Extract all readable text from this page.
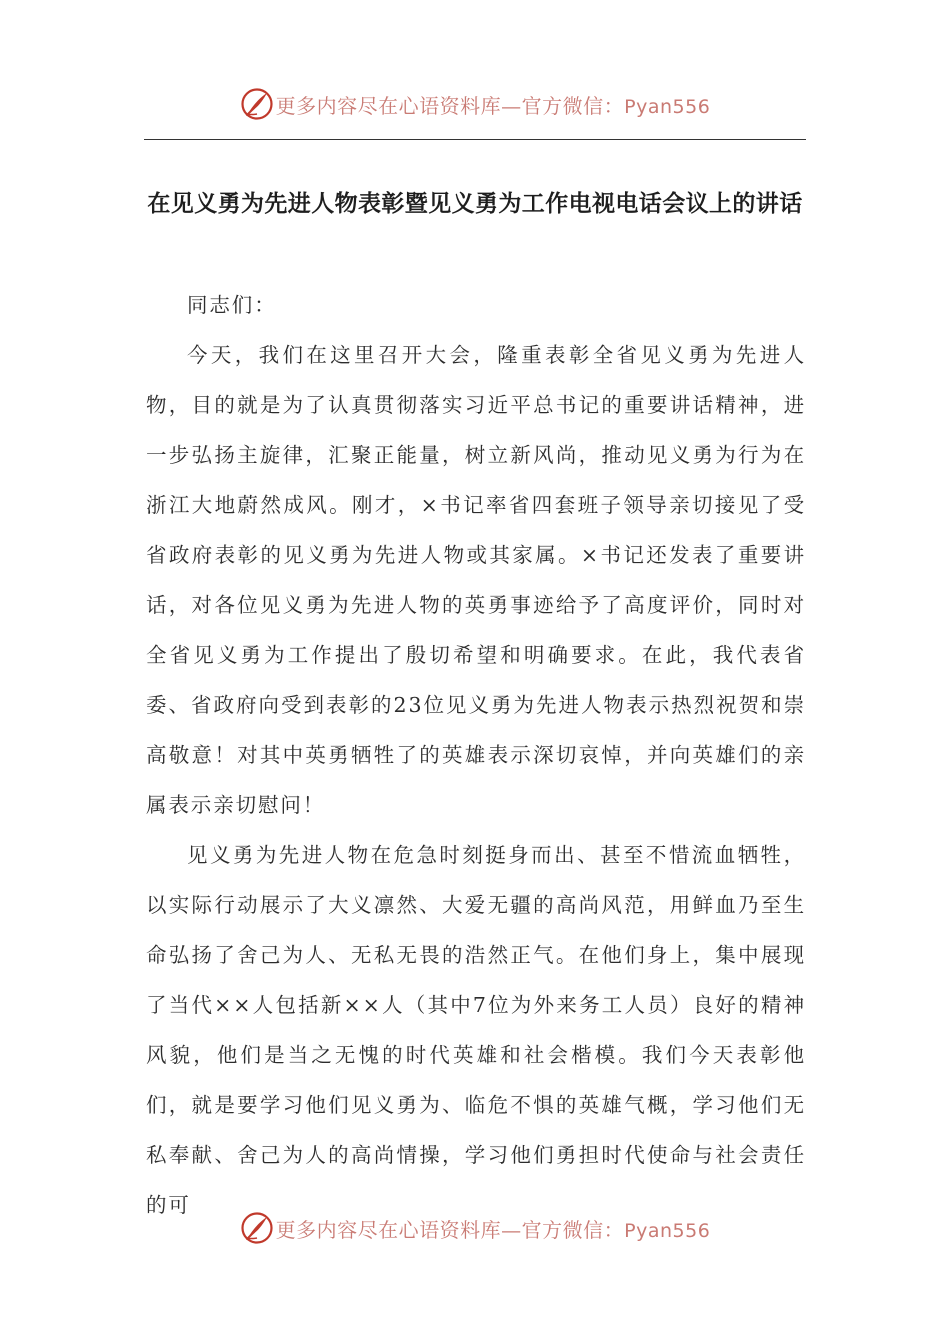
更多内容尽在心语资料库—官方微信：Pyan556
在见义勇为先进人物表彰暨见义勇为工作电视电话会议上的讲话

同志们：

今天，我们在这里召开大会，隆重表彰全省见义勇为先进人物，目的就是为了认真贯彻落实习近平总书记的重要讲话精神，进一步弘扬主旋律，汇聚正能量，树立新风尚，推动见义勇为行为在浙江大地蔚然成风。刚才，×书记率省四套班子领导亲切接见了受省政府表彰的见义勇为先进人物或其家属。×书记还发表了重要讲话，对各位见义勇为先进人物的英勇事迹给予了高度评价，同时对全省见义勇为工作提出了殷切希望和明确要求。在此，我代表省委、省政府向受到表彰的23位见义勇为先进人物表示热烈祝贺和崇高敬意！对其中英勇牺牲了的英雄表示深切哀悼，并向英雄们的亲属表示亲切慰问！

见义勇为先进人物在危急时刻挺身而出、甚至不惜流血牺牲，以实际行动展示了大义凛然、大爱无疆的高尚风范，用鲜血乃至生命弘扬了舍己为人、无私无畏的浩然正气。在他们身上，集中展现了当代××人包括新××人（其中7位为外来务工人员）良好的精神风貌，他们是当之无愧的时代英雄和社会楷模。我们今天表彰他们，就是要学习他们见义勇为、临危不惧的英雄气概，学习他们无私奉献、舍己为人的高尚情操，学习他们勇担时代使命与社会责任的可

更多内容尽在心语资料库—官方微信：Pyan556
